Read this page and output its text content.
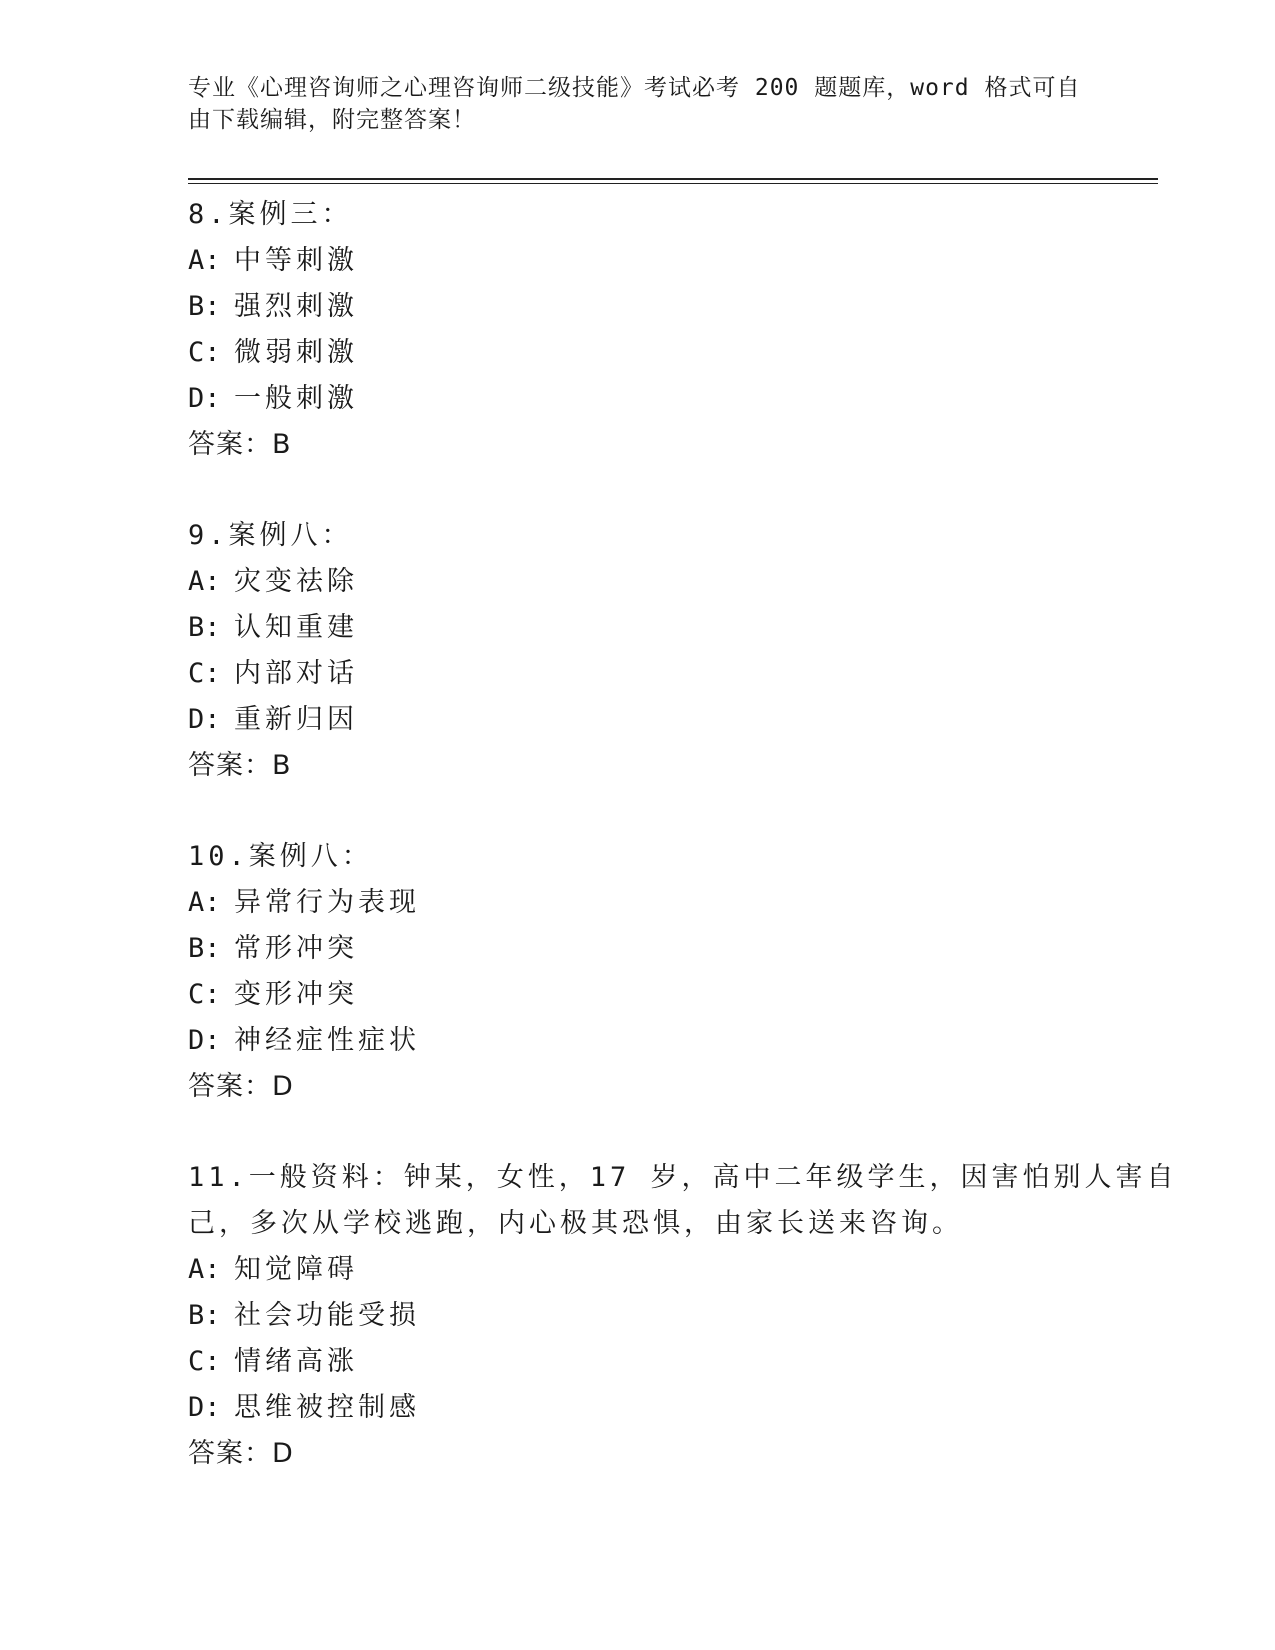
专业《心理咨询师之心理咨询师二级技能》考试必考 200 题题库，word 格式可自
由下载编辑，附完整答案！
8.案例三：
A: 中等刺激
B: 强烈刺激
C: 微弱刺激
D: 一般刺激
答案：B
9.案例八：
A: 灾变祛除
B: 认知重建
C: 内部对话
D: 重新归因
答案：B
10.案例八：
A: 异常行为表现
B: 常形冲突
C: 变形冲突
D: 神经症性症状
答案：D
11.一般资料：钟某，女性，17 岁，高中二年级学生，因害怕别人害自
己，多次从学校逃跑，内心极其恐惧，由家长送来咨询。
A: 知觉障碍
B: 社会功能受损
C: 情绪高涨
D: 思维被控制感
答案：D
